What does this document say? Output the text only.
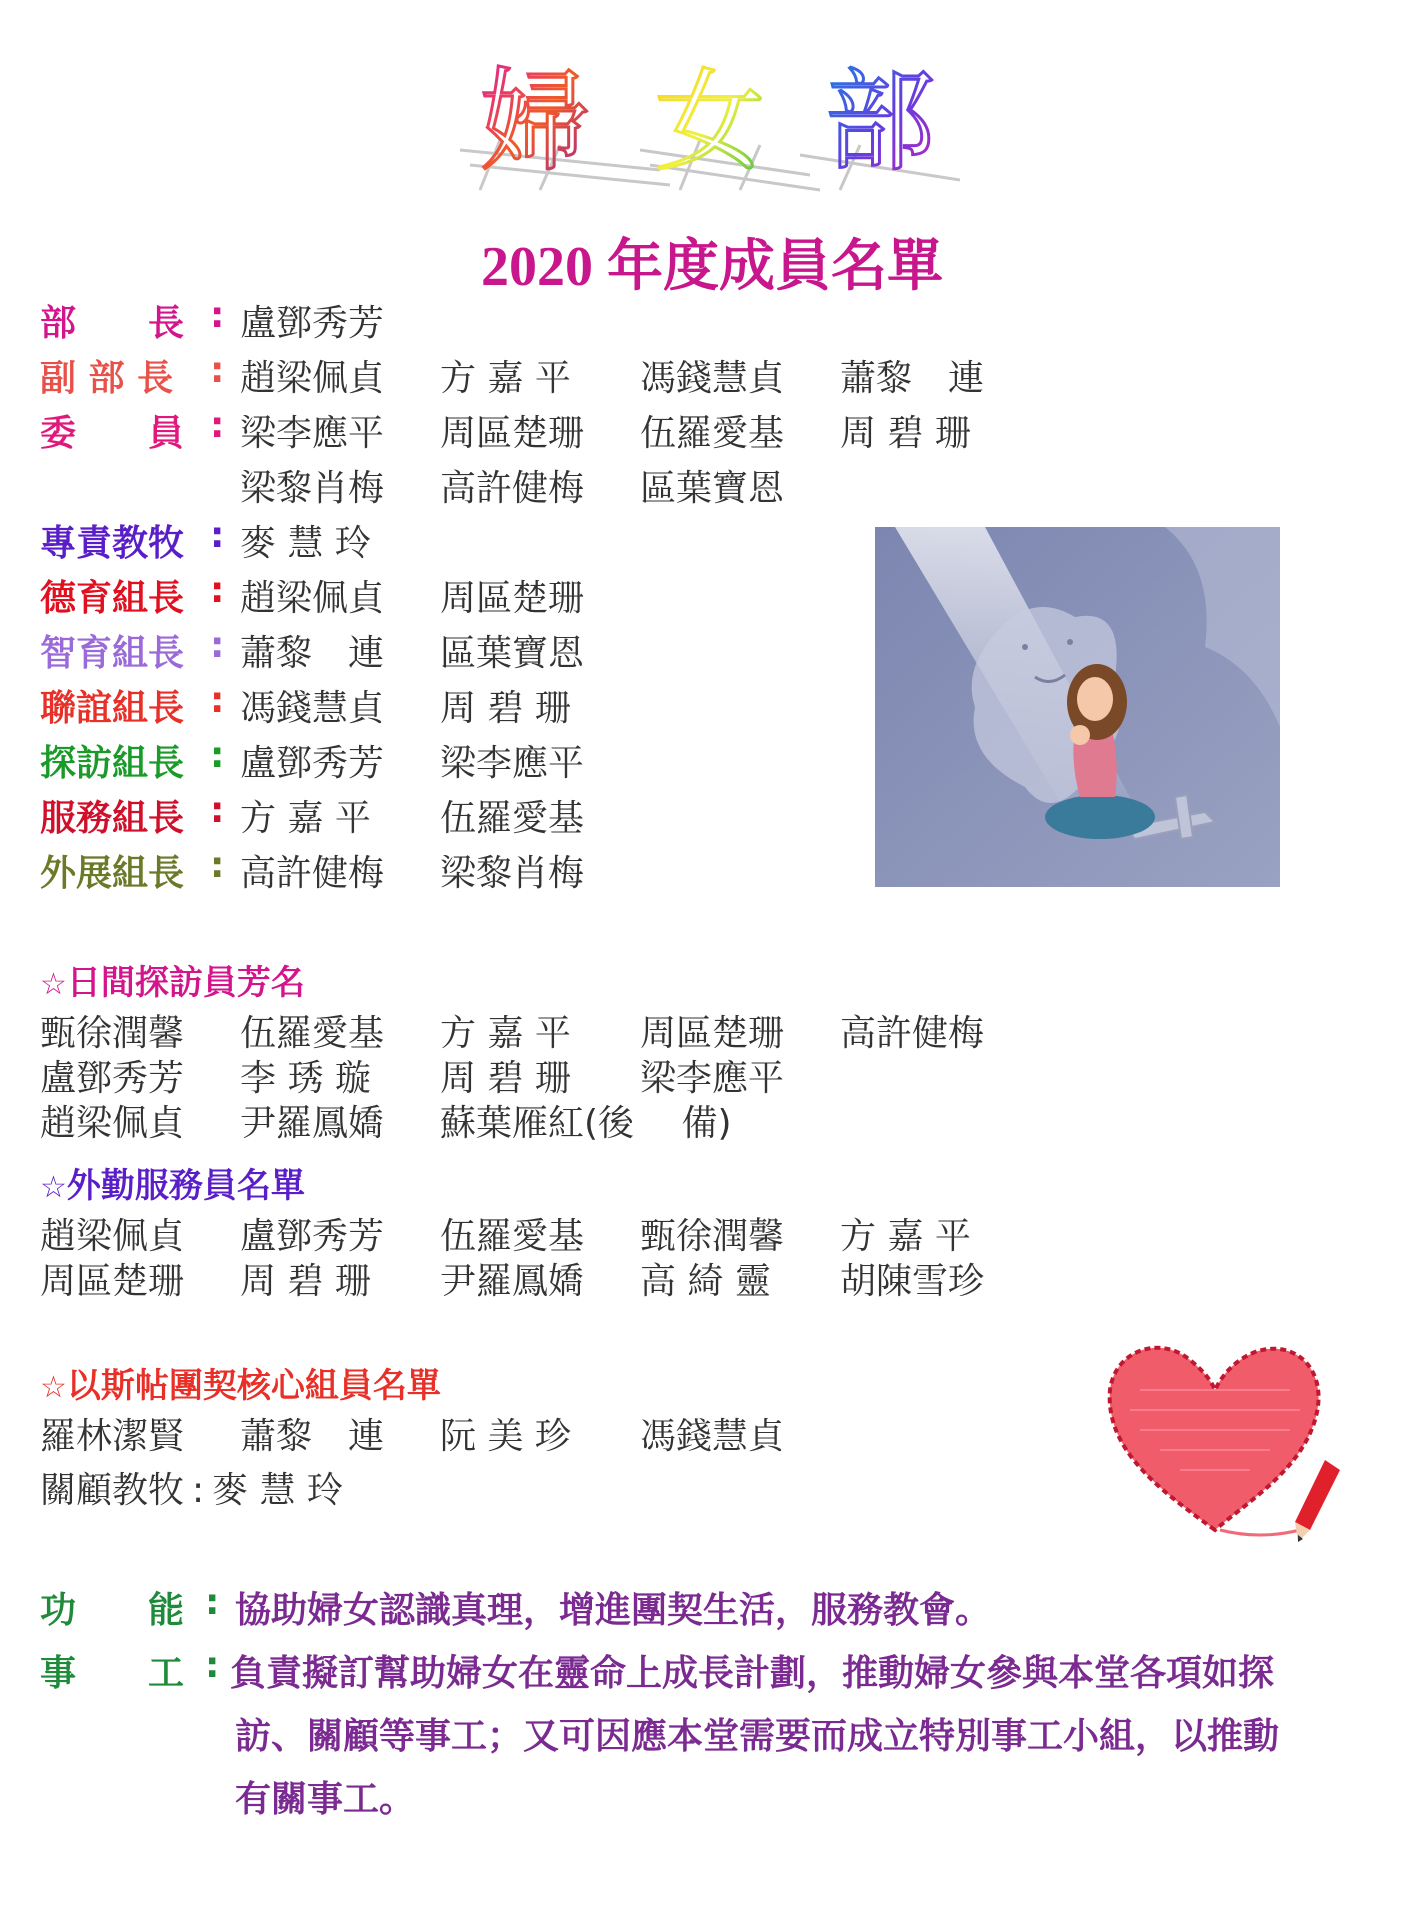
婦 女 部
2020 年度成員名單
部　　長 : 盧鄧秀芳
副 部 長 : 趙梁佩貞 方 嘉 平 馮錢慧貞 蕭黎　連
委　　員 : 梁李應平 周區楚珊 伍羅愛基 周 碧 珊
梁黎肖梅 高許健梅 區葉寶恩
專責教牧 : 麥 慧 玲
德育組長 : 趙梁佩貞 周區楚珊
智育組長 : 蕭黎　連 區葉寶恩
聯誼組長 : 馮錢慧貞 周 碧 珊
探訪組長 : 盧鄧秀芳 梁李應平
服務組長 : 方 嘉 平 伍羅愛基
外展組長 : 高許健梅 梁黎肖梅
☆日間探訪員芳名
甄徐潤馨 伍羅愛基 方 嘉 平 周區楚珊 高許健梅
盧鄧秀芳 李 琇 璇 周 碧 珊 梁李應平
趙梁佩貞 尹羅鳳嬌 蘇葉雁紅(後　 備)
☆外勤服務員名單
趙梁佩貞 盧鄧秀芳 伍羅愛基 甄徐潤馨 方 嘉 平
周區楚珊 周 碧 珊 尹羅鳳嬌 高 綺 靈 胡陳雪珍
☆以斯帖團契核心組員名單
羅林潔賢 蕭黎　連 阮 美 珍 馮錢慧貞
關顧教牧 : 麥 慧 玲
功　　能 : 協助婦女認識真理，增進團契生活，服務教會。
事　　工 : 負責擬訂幫助婦女在靈命上成長計劃，推動婦女參與本堂各項如探
訪、關顧等事工；又可因應本堂需要而成立特別事工小組，以推動
有關事工。
